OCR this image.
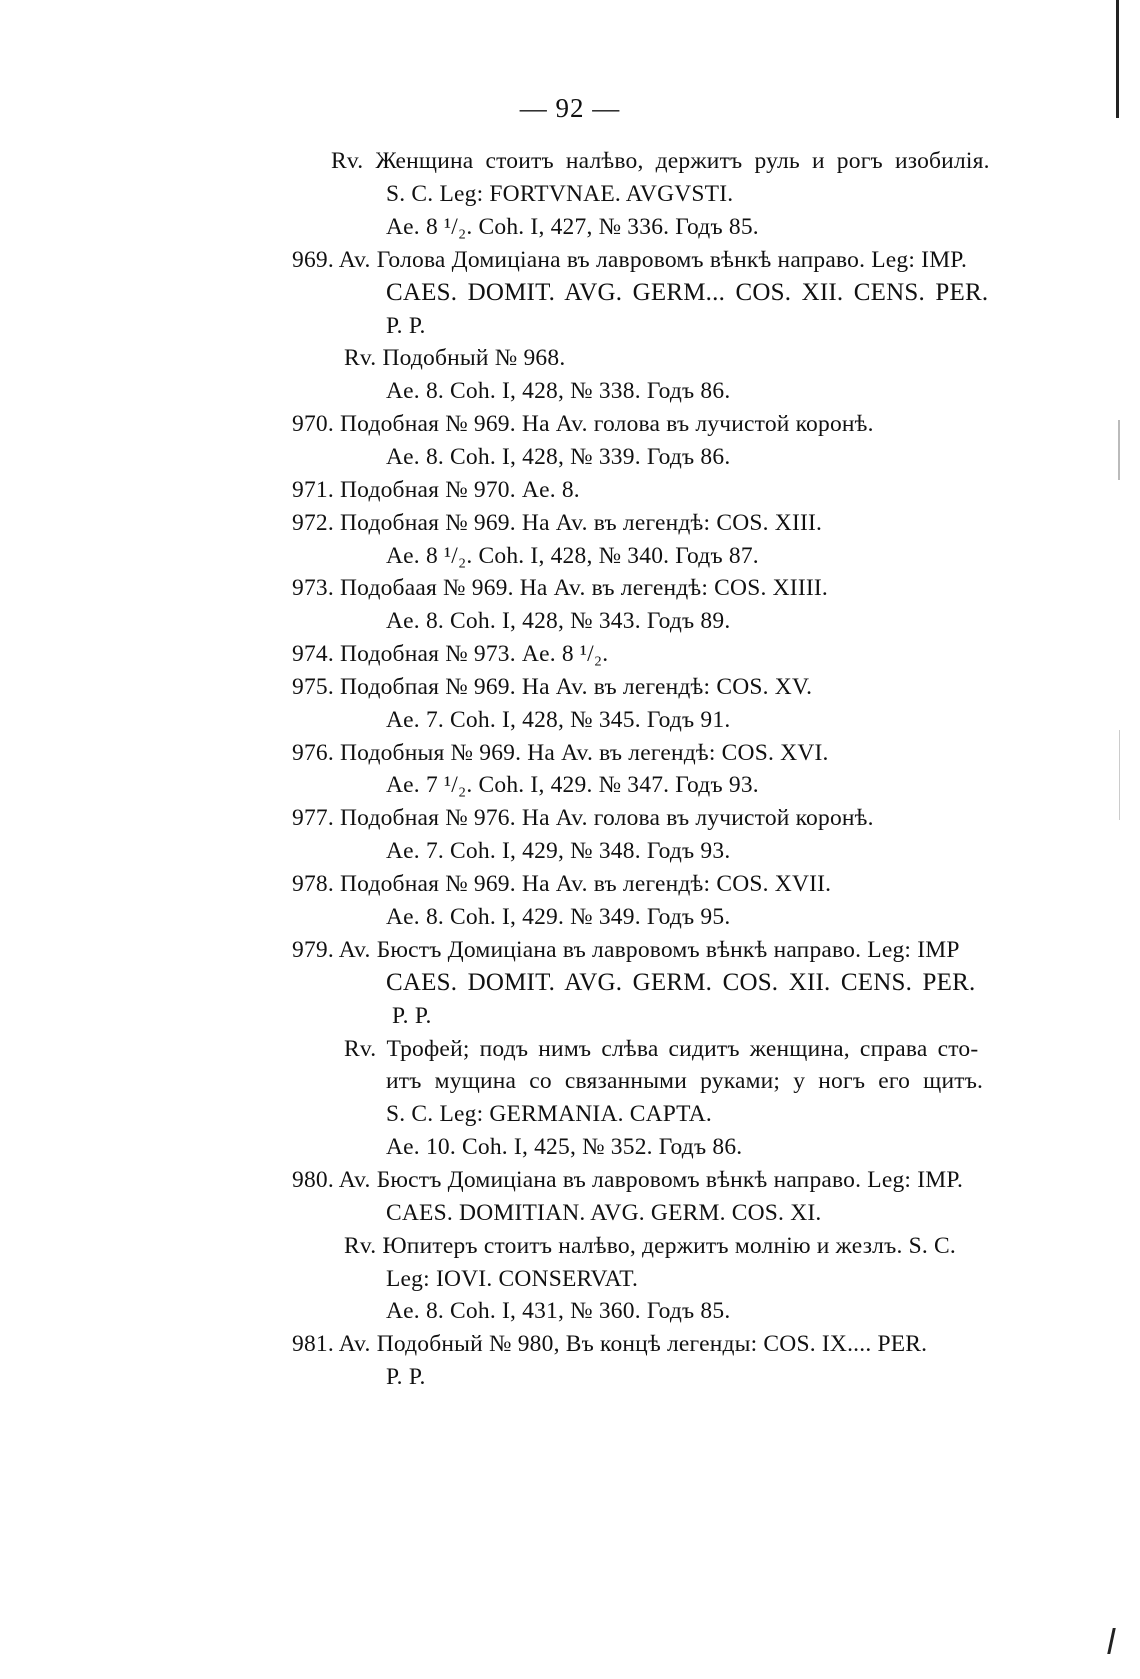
— 92 —
Rv. Женщина стоитъ налѣво, держитъ руль и рогъ изобилія.
S. C. Leg: FORTVNAE. AVGVSTI.
Ae. 8 ¹/₂. Coh. I, 427, № 336. Годъ 85.
969. Av. Голова Домиціана въ лавровомъ вѣнкѣ направо. Leg: IMP.
CAES. DOMIT. AVG. GERM... COS. XII. CENS. PER.
P. P.
Rv. Подобный № 968.
Ae. 8. Coh. I, 428, № 338. Годъ 86.
970. Подобная № 969. На Av. голова въ лучистой коронѣ.
Ae. 8. Coh. I, 428, № 339. Годъ 86.
971. Подобная № 970. Ae. 8.
972. Подобная № 969. На Av. въ легендѣ: COS. XIII.
Ae. 8 ¹/₂. Coh. I, 428, № 340. Годъ 87.
973. Подобаая № 969. На Av. въ легендѣ: COS. XIIII.
Ae. 8. Coh. I, 428, № 343. Годъ 89.
974. Подобная № 973. Ae. 8 ¹/₂.
975. Подобпая № 969. На Av. въ легендѣ: COS. XV.
Ae. 7. Coh. I, 428, № 345. Годъ 91.
976. Подобныя № 969. На Av. въ легендѣ: COS. XVI.
Ae. 7 ¹/₂. Coh. I, 429. № 347. Годъ 93.
977. Подобная № 976. На Av. голова въ лучистой коронѣ.
Ae. 7. Coh. I, 429, № 348. Годъ 93.
978. Подобная № 969. На Av. въ легендѣ: COS. XVII.
Ae. 8. Coh. I, 429. № 349. Годъ 95.
979. Av. Бюстъ Домиціана въ лавровомъ вѣнкѣ направо. Leg: IMP
CAES. DOMIT. AVG. GERM. COS. XII. CENS. PER.
P. P.
Rv. Трофей; подъ нимъ слѣва сидитъ женщина, справа сто-
итъ мущина со связанными руками; у ногъ его щитъ.
S. C. Leg: GERMANIA. CAPTA.
Ae. 10. Coh. I, 425, № 352. Годъ 86.
980. Av. Бюстъ Домиціана въ лавровомъ вѣнкѣ направо. Leg: IMP.
CAES. DOMITIAN. AVG. GERM. COS. XI.
Rv. Юпитеръ стоитъ налѣво, держитъ молнію и жезлъ. S. C.
Leg: IOVI. CONSERVAT.
Ae. 8. Coh. I, 431, № 360. Годъ 85.
981. Av. Подобный № 980, Въ концѣ легенды: COS. IX.... PER.
P. P.
